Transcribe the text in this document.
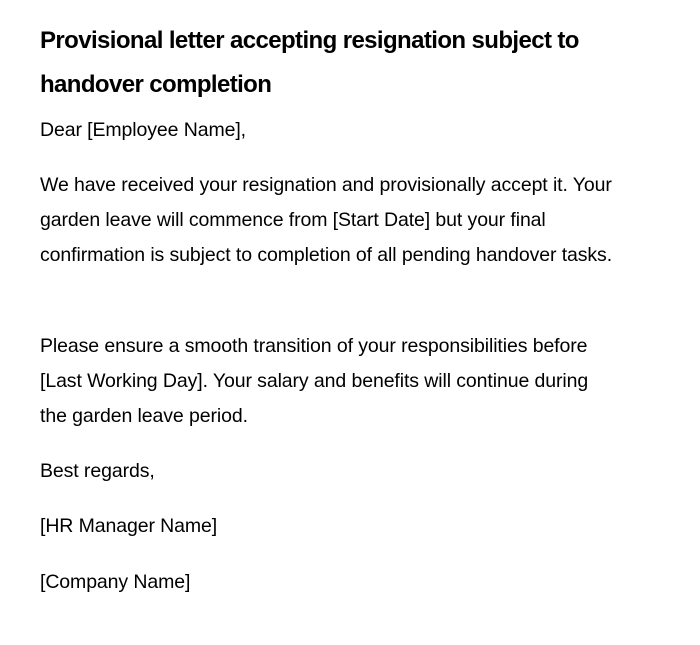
Provisional letter accepting resignation subject to handover completion

Dear [Employee Name],

We have received your resignation and provisionally accept it. Your garden leave will commence from [Start Date] but your final confirmation is subject to completion of all pending handover tasks.

Please ensure a smooth transition of your responsibilities before [Last Working Day]. Your salary and benefits will continue during the garden leave period.

Best regards,

[HR Manager Name]

[Company Name]
